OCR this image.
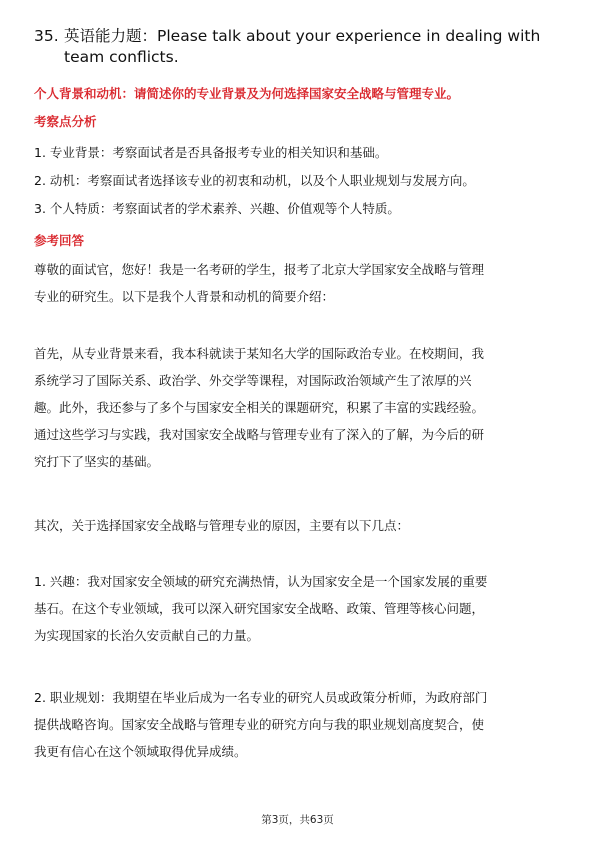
35. 英语能力题：Please talk about your experience in dealing with
team conflicts.
个人背景和动机：请简述你的专业背景及为何选择国家安全战略与管理专业。
考察点分析
1. 专业背景：考察面试者是否具备报考专业的相关知识和基础。
2. 动机：考察面试者选择该专业的初衷和动机，以及个人职业规划与发展方向。
3. 个人特质：考察面试者的学术素养、兴趣、价值观等个人特质。
参考回答
尊敬的面试官，您好！我是一名考研的学生，报考了北京大学国家安全战略与管理
专业的研究生。以下是我个人背景和动机的简要介绍：
首先，从专业背景来看，我本科就读于某知名大学的国际政治专业。在校期间，我
系统学习了国际关系、政治学、外交学等课程，对国际政治领域产生了浓厚的兴
趣。此外，我还参与了多个与国家安全相关的课题研究，积累了丰富的实践经验。
通过这些学习与实践，我对国家安全战略与管理专业有了深入的了解，为今后的研
究打下了坚实的基础。
其次，关于选择国家安全战略与管理专业的原因，主要有以下几点：
1. 兴趣：我对国家安全领域的研究充满热情，认为国家安全是一个国家发展的重要
基石。在这个专业领域，我可以深入研究国家安全战略、政策、管理等核心问题，
为实现国家的长治久安贡献自己的力量。
2. 职业规划：我期望在毕业后成为一名专业的研究人员或政策分析师，为政府部门
提供战略咨询。国家安全战略与管理专业的研究方向与我的职业规划高度契合，使
我更有信心在这个领域取得优异成绩。
第3页，共63页
